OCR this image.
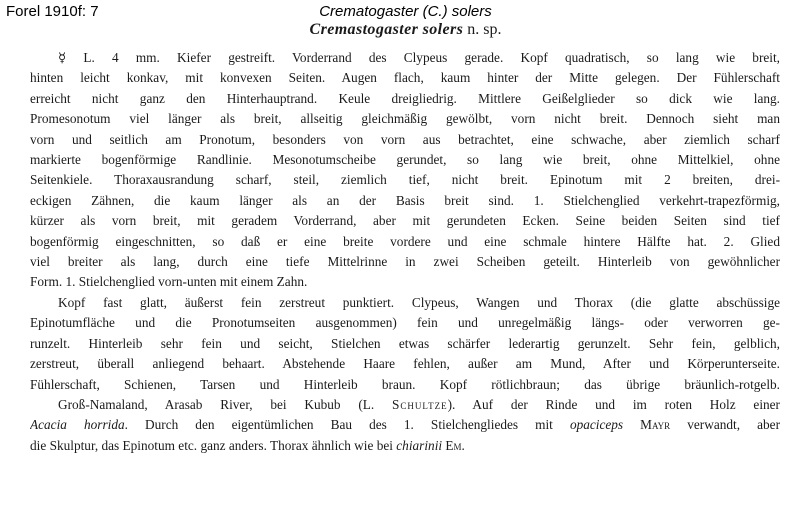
Forel 1910f: 7	Crematogaster (C.) solers
Cremastogaster solers n. sp.
☿ L. 4 mm. Kiefer gestreift. Vorderrand des Clypeus gerade. Kopf quadratisch, so lang wie breit,
hinten leicht konkav, mit konvexen Seiten. Augen flach, kaum hinter der Mitte gelegen. Der Fühlerschaft
erreicht nicht ganz den Hinterhauptrand. Keule dreigliedrig. Mittlere Geißelglieder so dick wie lang.
Promesonotum viel länger als breit, allseitig gleichmäßig gewölbt, vorn nicht breit. Dennoch sieht man
vorn und seitlich am Pronotum, besonders von vorn aus betrachtet, eine schwache, aber ziemlich scharf
markierte bogenförmige Randlinie. Mesonotumscheibe gerundet, so lang wie breit, ohne Mittelkiel, ohne
Seitenkiele. Thoraxausrandung scharf, steil, ziemlich tief, nicht breit. Epinotum mit 2 breiten, drei-
eckigen Zähnen, die kaum länger als an der Basis breit sind. 1. Stielchenglied verkehrt-trapezförmig,
kürzer als vorn breit, mit geradem Vorderrand, aber mit gerundeten Ecken. Seine beiden Seiten sind tief
bogenförmig eingeschnitten, so daß er eine breite vordere und eine schmale hintere Hälfte hat. 2. Glied
viel breiter als lang, durch eine tiefe Mittelrinne in zwei Scheiben geteilt. Hinterleib von gewöhnlicher
Form. 1. Stielchenglied vorn-unten mit einem Zahn.
Kopf fast glatt, äußerst fein zerstreut punktiert. Clypeus, Wangen und Thorax (die glatte abschüssige
Epinotumfläche und die Pronotumseiten ausgenommen) fein und unregelmäßig längs- oder verworren ge-
runzelt. Hinterleib sehr fein und seicht, Stielchen etwas schärfer lederartig gerunzelt. Sehr fein, gelblich,
zerstreut, überall anliegend behaart. Abstehende Haare fehlen, außer am Mund, After und Körperunterseite.
Fühlerschaft, Schienen, Tarsen und Hinterleib braun. Kopf rötlichbraun; das übrige bräunlich-rotgelb.
Groß-Namaland, Arasab River, bei Kubub (L. Schultze). Auf der Rinde und im roten Holz einer
Acacia horrida. Durch den eigentümlichen Bau des 1. Stielchengliedes mit opaciceps Mayr verwandt, aber
die Skulptur, das Epinotum etc. ganz anders. Thorax ähnlich wie bei chiarinii Em.
